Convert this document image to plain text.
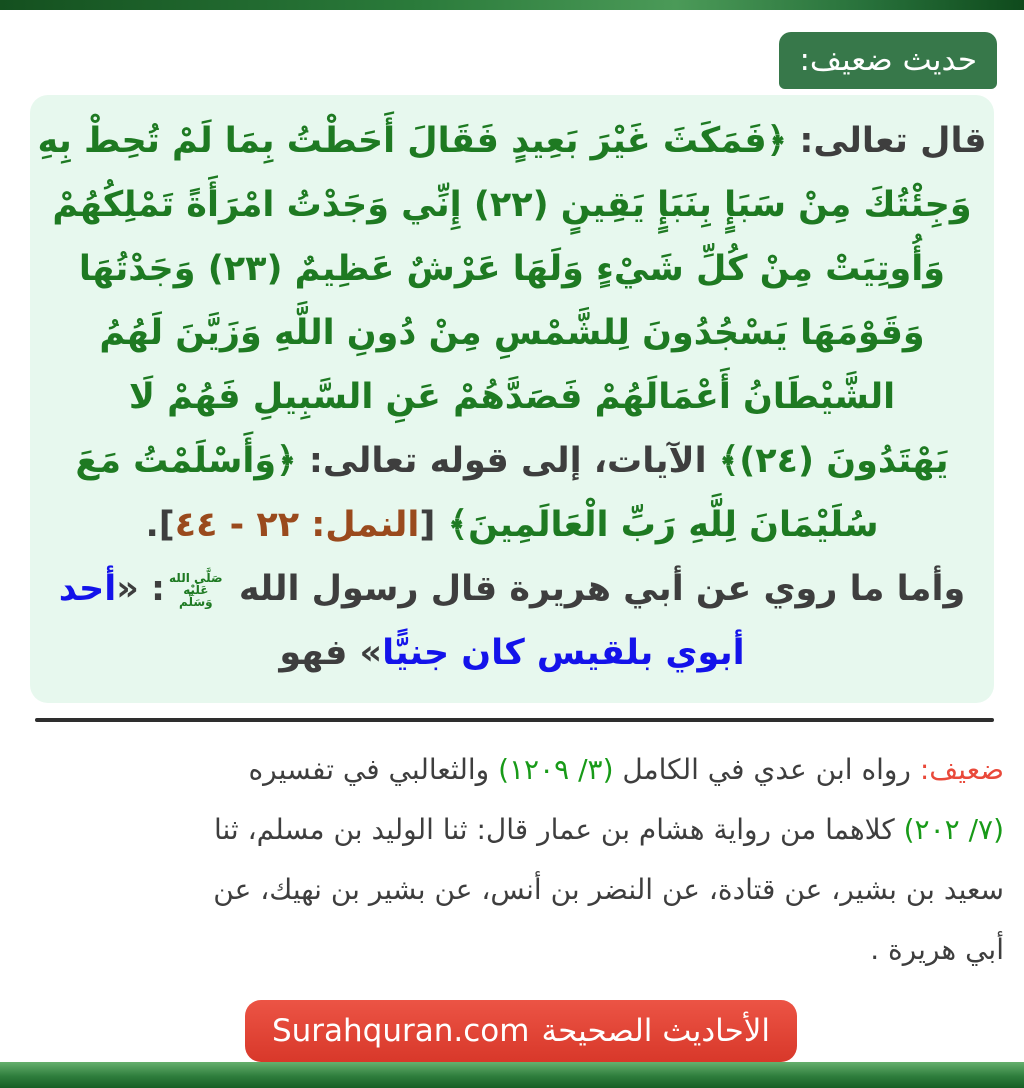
حديث ضعيف:
قال تعالى: ﴿فَمَكَثَ غَيْرَ بَعِيدٍ فَقَالَ أَحَطْتُ بِمَا لَمْ تُحِطْ بِهِ
وَجِئْتُكَ مِنْ سَبَإٍ بِنَبَإٍ يَقِينٍ (٢٢) إِنِّي وَجَدْتُ امْرَأَةً تَمْلِكُهُمْ
وَأُوتِيَتْ مِنْ كُلِّ شَيْءٍ وَلَهَا عَرْشٌ عَظِيمٌ (٢٣) وَجَدْتُهَا
وَقَوْمَهَا يَسْجُدُونَ لِلشَّمْسِ مِنْ دُونِ اللَّهِ وَزَيَّنَ لَهُمُ
الشَّيْطَانُ أَعْمَالَهُمْ فَصَدَّهُمْ عَنِ السَّبِيلِ فَهُمْ لَا
يَهْتَدُونَ (٢٤)﴾ الآيات، إلى قوله تعالى: ﴿وَأَسْلَمْتُ مَعَ
سُلَيْمَانَ لِلَّهِ رَبِّ الْعَالَمِينَ﴾ [النمل: ٢٢ - ٤٤].
وأما ما روي عن أبي هريرة قال رسول الله
صَلَّى الله
عَلَيْه
وَسَلَّم
: «أحد
أبوي بلقيس كان جنيًّا» فهو
ضعيف: رواه ابن عدي في الكامل (٣/ ١٢٠٩) والثعالبي في تفسيره
(٧/ ٢٠٢) كلاهما من رواية هشام بن عمار قال: ثنا الوليد بن مسلم، ثنا
سعيد بن بشير، عن قتادة، عن النضر بن أنس، عن بشير بن نهيك، عن
أبي هريرة .
الأحاديث الصحيحة
Surahquran.com
